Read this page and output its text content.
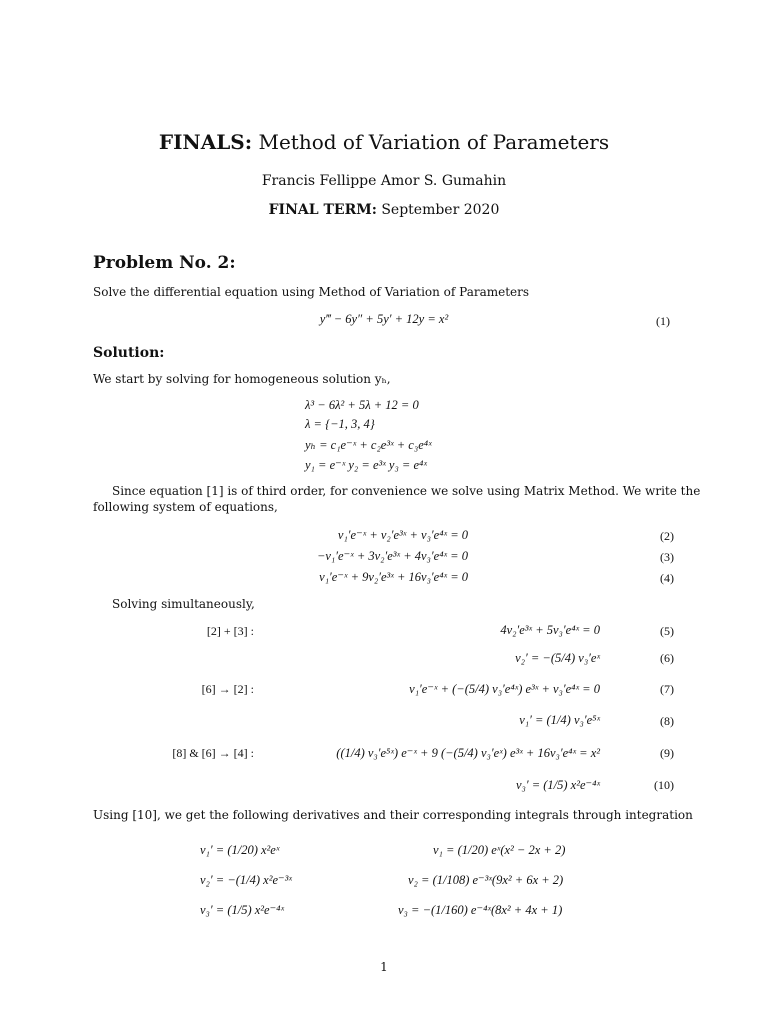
FINALS: Method of Variation of Parameters
Francis Fellippe Amor S. Gumahin
FINAL TERM: September 2020
Problem No. 2:
Solve the differential equation using Method of Variation of Parameters
y‴ − 6y″ + 5y′ + 12y = x²	(1)
Solution:
We start by solving for homogeneous solution yₕ,
λ³ − 6λ² + 5λ + 12 = 0
λ = {−1, 3, 4}
yₕ = c₁e⁻ˣ + c₂e³ˣ + c₃e⁴ˣ
y₁ = e⁻ˣ y₂ = e³ˣ y₃ = e⁴ˣ
Since equation [1] is of third order, for convenience we solve using Matrix Method. We write the
following system of equations,
v₁′e⁻ˣ + v₂′e³ˣ + v₃′e⁴ˣ = 0	(2)
−v₁′e⁻ˣ + 3v₂′e³ˣ + 4v₃′e⁴ˣ = 0	(3)
v₁′e⁻ˣ + 9v₂′e³ˣ + 16v₃′e⁴ˣ = 0	(4)
Solving simultaneously,
[2] + [3] :	4v₂′e³ˣ + 5v₃′e⁴ˣ = 0	(5)
v₂′ = −(5/4) v₃′eˣ	(6)
[6] → [2] :	v₁′e⁻ˣ + (−(5/4) v₃′e⁴ˣ) e³ˣ + v₃′e⁴ˣ = 0	(7)
v₁′ = (1/4) v₃′e⁵ˣ	(8)
[8] & [6] → [4] :	((1/4) v₃′e⁵ˣ) e⁻ˣ + 9 (−(5/4) v₃′eˣ) e³ˣ + 16v₃′e⁴ˣ = x²	(9)
v₃′ = (1/5) x²e⁻⁴ˣ	(10)
Using [10], we get the following derivatives and their corresponding integrals through integration
v₁′ = (1/20) x²eˣ	v₁ = (1/20) eˣ(x² − 2x + 2)
v₂′ = −(1/4) x²e⁻³ˣ	v₂ = (1/108) e⁻³ˣ(9x² + 6x + 2)
v₃′ = (1/5) x²e⁻⁴ˣ	v₃ = −(1/160) e⁻⁴ˣ(8x² + 4x + 1)
1
